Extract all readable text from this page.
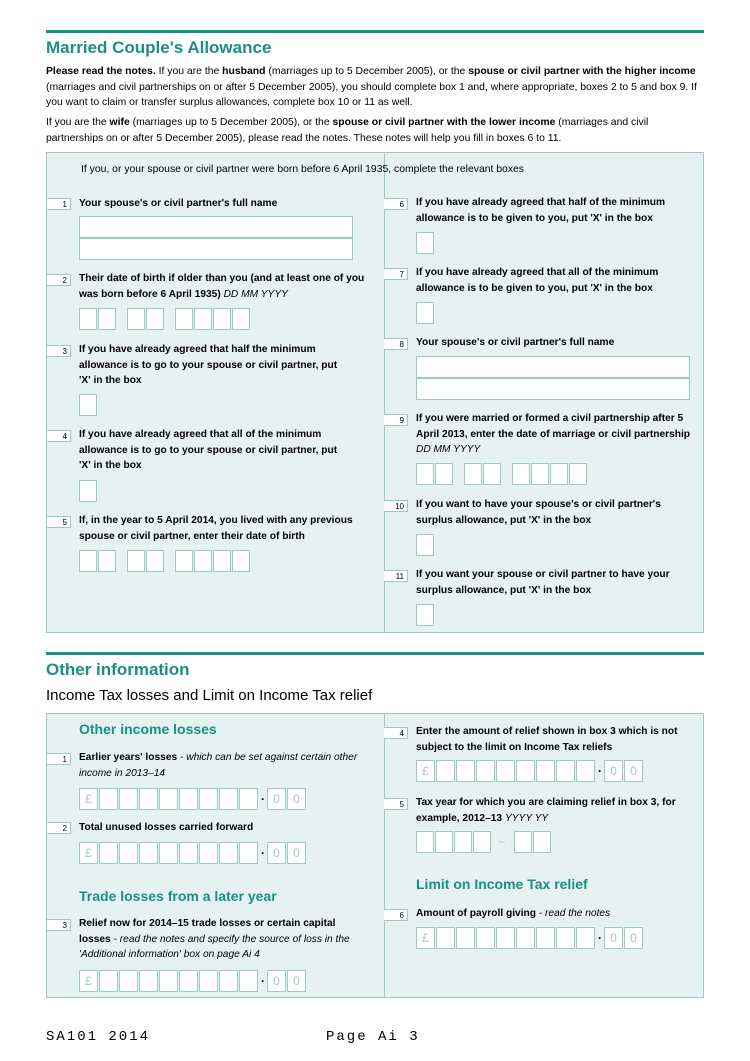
Married Couple's Allowance
Please read the notes. If you are the husband (marriages up to 5 December 2005), or the spouse or civil partner with the higher income (marriages and civil partnerships on or after 5 December 2005), you should complete box 1 and, where appropriate, boxes 2 to 5 and box 9. If you want to claim or transfer surplus allowances, complete box 10 or 11 as well.
If you are the wife (marriages up to 5 December 2005), or the spouse or civil partner with the lower income (marriages and civil partnerships on or after 5 December 2005), please read the notes. These notes will help you fill in boxes 6 to 11.
If you, or your spouse or civil partner were born before 6 April 1935, complete the relevant boxes
1	Your spouse's or civil partner's full name
2	Their date of birth if older than you (and at least one of you was born before 6 April 1935) DD MM YYYY
3	If you have already agreed that half the minimum allowance is to go to your spouse or civil partner, put 'X' in the box
4	If you have already agreed that all of the minimum allowance is to go to your spouse or civil partner, put 'X' in the box
5	If, in the year to 5 April 2014, you lived with any previous spouse or civil partner, enter their date of birth
6	If you have already agreed that half of the minimum allowance is to be given to you, put 'X' in the box
7	If you have already agreed that all of the minimum allowance is to be given to you, put 'X' in the box
8	Your spouse's or civil partner's full name
9	If you were married or formed a civil partnership after 5 April 2013, enter the date of marriage or civil partnership DD MM YYYY
10	If you want to have your spouse's or civil partner's surplus allowance, put 'X' in the box
11	If you want your spouse or civil partner to have your surplus allowance, put 'X' in the box
Other information
Income Tax losses and Limit on Income Tax relief
Other income losses
1	Earlier years' losses - which can be set against certain other income in 2013–14
£	· 0	0
2	Total unused losses carried forward
£	· 0	0
Trade losses from a later year
3	Relief now for 2014–15 trade losses or certain capital losses - read the notes and specify the source of loss in the 'Additional information' box on page Ai 4
£	· 0	0
4	Enter the amount of relief shown in box 3 which is not subject to the limit on Income Tax reliefs
£	· 0	0
5	Tax year for which you are claiming relief in box 3, for example, 2012–13 YYYY YY
–
Limit on Income Tax relief
6	Amount of payroll giving - read the notes
£	· 0	0
SA101 2014	Page Ai 3
